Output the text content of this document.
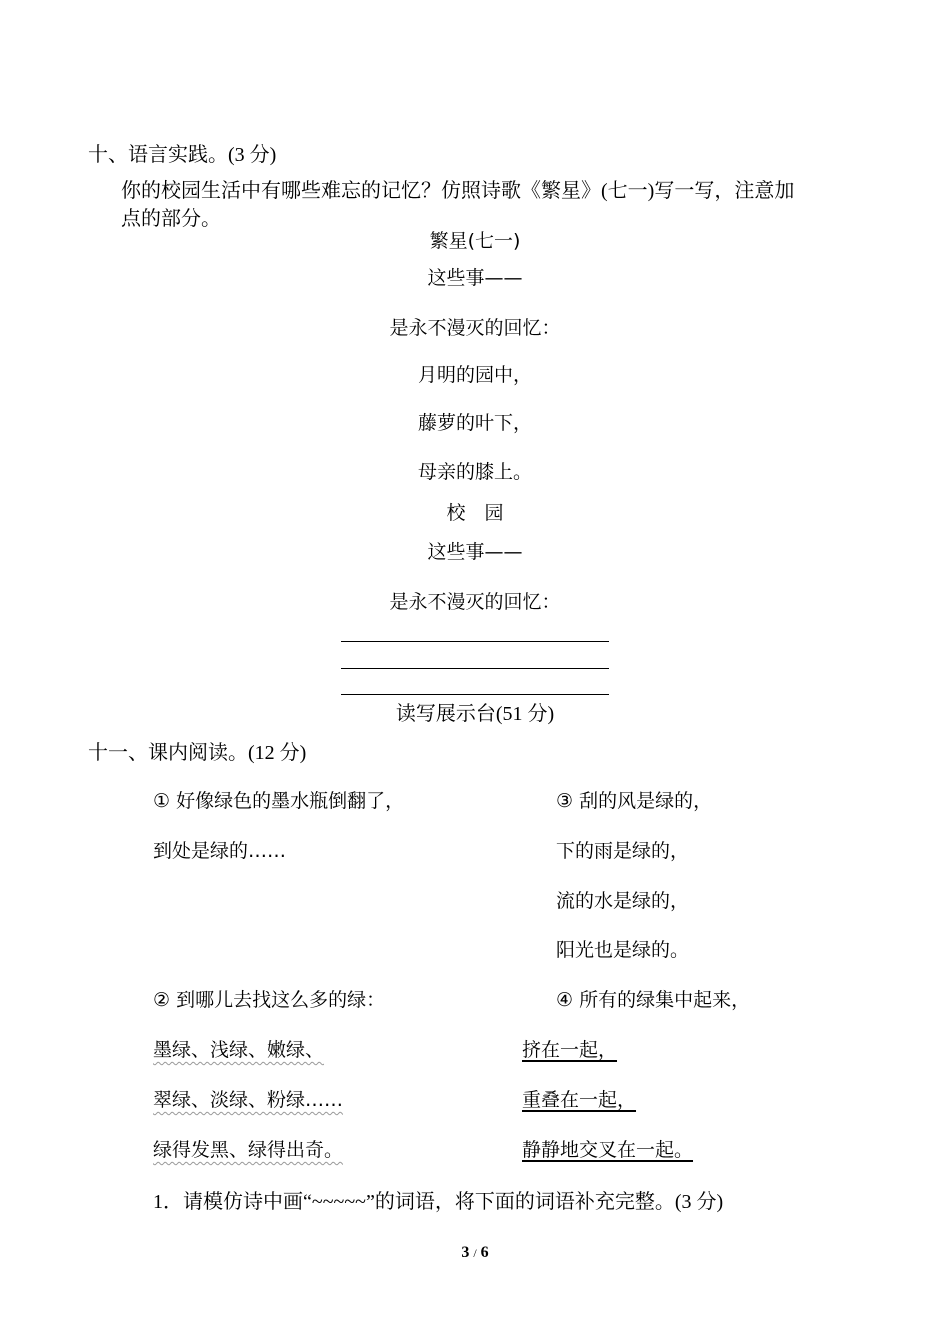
十、语言实践。(3 分)
你的校园生活中有哪些难忘的记忆？仿照诗歌《繁星》(七一)写一写，注意加
点的部分。
繁星(七一)
这些事——
是永不漫灭的回忆：
月明的园中，
藤萝的叶下，
母亲的膝上。
校　园
这些事——
是永不漫灭的回忆：
读写展示台(51 分)
十一、课内阅读。(12 分)
① 好像绿色的墨水瓶倒翻了，
到处是绿的……
③ 刮的风是绿的，
下的雨是绿的，
流的水是绿的，
阳光也是绿的。
② 到哪儿去找这么多的绿：
墨绿、浅绿、嫩绿、
翠绿、淡绿、粉绿……
绿得发黑、绿得出奇。
④ 所有的绿集中起来，
挤在一起，
重叠在一起，
静静地交叉在一起。
1．请模仿诗中画“~~~~~”的词语，将下面的词语补充完整。(3 分)
3 / 6
